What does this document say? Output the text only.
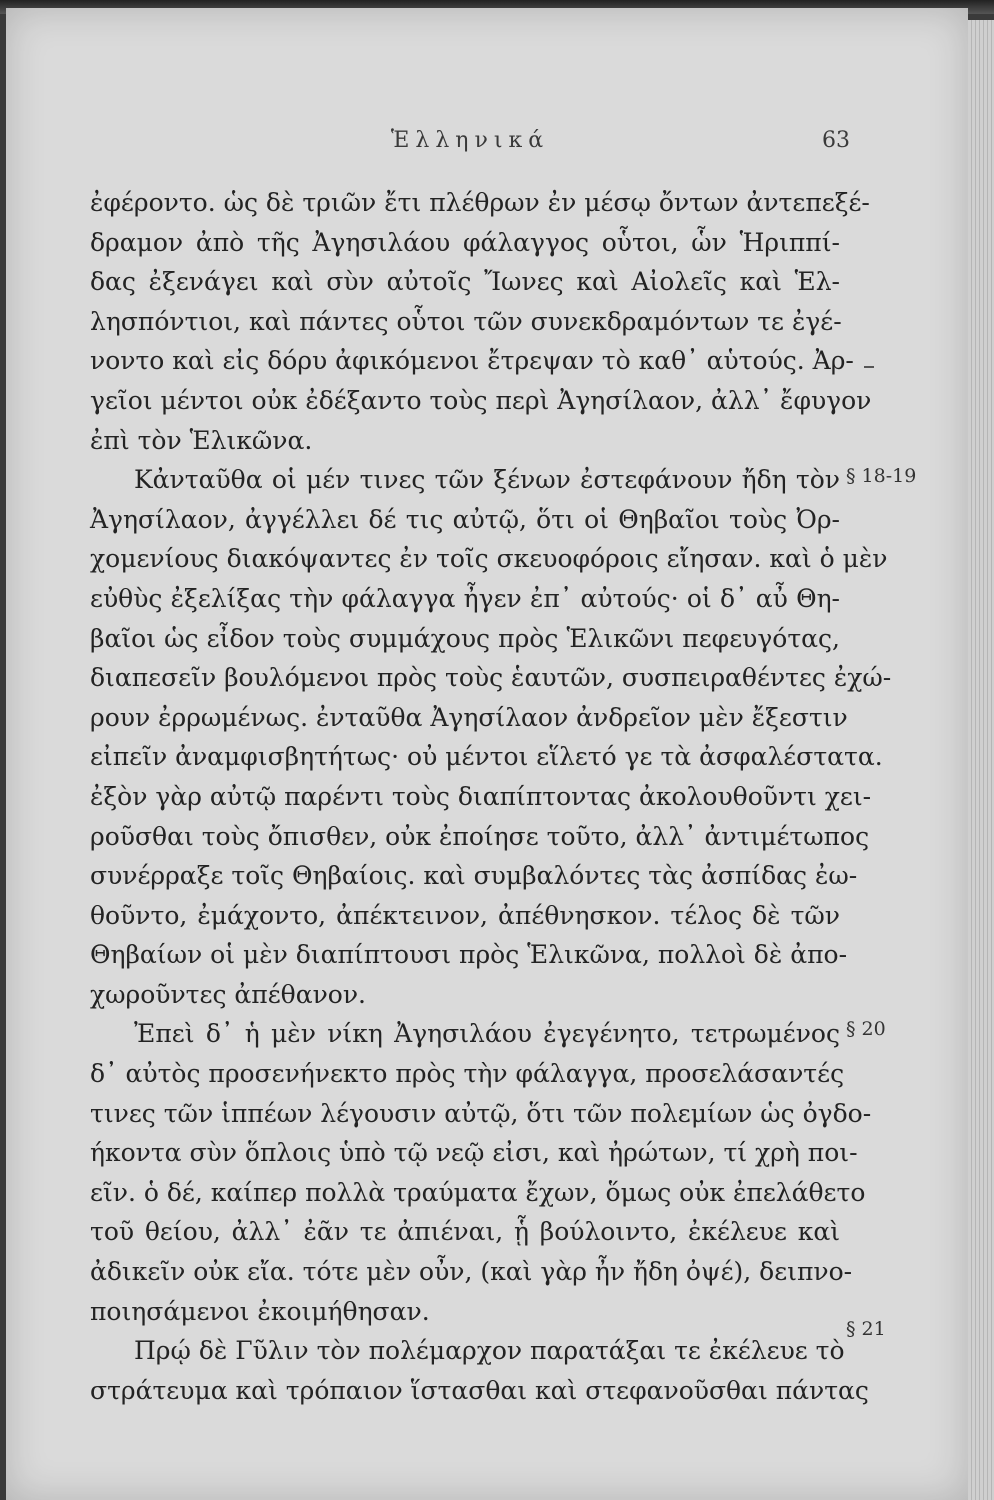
Ἑλληνικά	63
ἐφέροντο. ὡς δὲ τριῶν ἔτι πλέθρων ἐν μέσῳ ὄντων ἀντεπεξέ-
δραμον ἀπὸ τῆς Ἀγησιλάου φάλαγγος οὗτοι, ὧν Ἡριππί-
δας ἐξενάγει καὶ σὺν αὐτοῖς Ἴωνες καὶ Αἰολεῖς καὶ Ἑλ-
λησπόντιοι, καὶ πάντες οὗτοι τῶν συνεκδραμόντων τε ἐγέ-
νοντο καὶ εἰς δόρυ ἀφικόμενοι ἔτρεψαν τὸ καθ᾽ αὑτούς. Ἀρ-
γεῖοι μέντοι οὐκ ἐδέξαντο τοὺς περὶ Ἀγησίλαον, ἀλλ᾽ ἔφυγον
ἐπὶ τὸν Ἑλικῶνα.
Κἀνταῦθα οἱ μέν τινες τῶν ξένων ἐστεφάνουν ἤδη τὸν
Ἀγησίλαον, ἀγγέλλει δέ τις αὐτῷ, ὅτι οἱ Θηβαῖοι τοὺς Ὀρ-
χομενίους διακόψαντες ἐν τοῖς σκευοφόροις εἴησαν. καὶ ὁ μὲν
εὐθὺς ἐξελίξας τὴν φάλαγγα ἦγεν ἐπ᾽ αὐτούς· οἱ δ᾽ αὖ Θη-
βαῖοι ὡς εἶδον τοὺς συμμάχους πρὸς Ἑλικῶνι πεφευγότας,
διαπεσεῖν βουλόμενοι πρὸς τοὺς ἑαυτῶν, συσπειραθέντες ἐχώ-
ρουν ἐρρωμένως. ἐνταῦθα Ἀγησίλαον ἀνδρεῖον μὲν ἔξεστιν
εἰπεῖν ἀναμφισβητήτως· οὐ μέντοι εἵλετό γε τὰ ἀσφαλέστατα.
ἐξὸν γὰρ αὐτῷ παρέντι τοὺς διαπίπτοντας ἀκολουθοῦντι χει-
ροῦσθαι τοὺς ὄπισθεν, οὐκ ἐποίησε τοῦτο, ἀλλ᾽ ἀντιμέτωπος
συνέρραξε τοῖς Θηβαίοις. καὶ συμβαλόντες τὰς ἀσπίδας ἐω-
θοῦντο, ἐμάχοντο, ἀπέκτεινον, ἀπέθνησκον. τέλος δὲ τῶν
Θηβαίων οἱ μὲν διαπίπτουσι πρὸς Ἑλικῶνα, πολλοὶ δὲ ἀπο-
χωροῦντες ἀπέθανον.
Ἐπεὶ δ᾽ ἡ μὲν νίκη Ἀγησιλάου ἐγεγένητο, τετρωμένος
δ᾽ αὐτὸς προσενήνεκτο πρὸς τὴν φάλαγγα, προσελάσαντές
τινες τῶν ἱππέων λέγουσιν αὐτῷ, ὅτι τῶν πολεμίων ὡς ὀγδο-
ήκοντα σὺν ὅπλοις ὑπὸ τῷ νεῷ εἰσι, καὶ ἠρώτων, τί χρὴ ποι-
εῖν. ὁ δέ, καίπερ πολλὰ τραύματα ἔχων, ὅμως οὐκ ἐπελάθετο
τοῦ θείου, ἀλλ᾽ ἐᾶν τε ἀπιέναι, ᾗ βούλοιντο, ἐκέλευε καὶ
ἀδικεῖν οὐκ εἴα. τότε μὲν οὖν, (καὶ γὰρ ἦν ἤδη ὀψέ), δειπνο-
ποιησάμενοι ἐκοιμήθησαν.
Πρῴ δὲ Γῦλιν τὸν πολέμαρχον παρατάξαι τε ἐκέλευε τὸ
στράτευμα καὶ τρόπαιον ἵστασθαι καὶ στεφανοῦσθαι πάντας
§ 18-19
§ 20
§ 21
